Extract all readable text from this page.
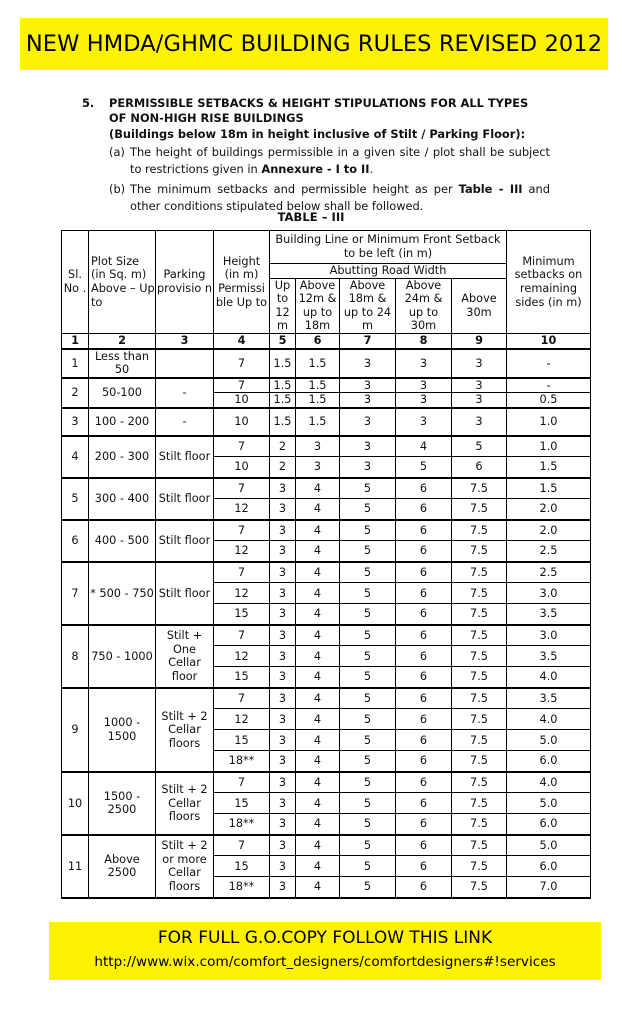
NEW HMDA/GHMC BUILDING RULES REVISED 2012
5.	PERMISSIBLE SETBACKS & HEIGHT STIPULATIONS FOR ALL TYPES
OF NON-HIGH RISE BUILDINGS
(Buildings below 18m in height inclusive of Stilt / Parking Floor):
(a) The height of buildings permissible in a given site / plot shall be subject to restrictions given in Annexure - I to II.
(b) The minimum setbacks and permissible height as per Table - III and other conditions stipulated below shall be followed.
TABLE – III
Sl. No .	Plot Size (in Sq. m) Above – Up to	Parking provisio n	Height (in m) Permissi ble Up to	Building Line or Minimum Front Setback to be left (in m)					Minimum setbacks on remaining sides (in m)
				Abutting Road Width					
				Up to 12 m	Above 12m & up to 18m	Above 18m & up to 24 m	Above 24m & up to 30m	Above 30m	
1	2	3	4	5	6	7	8	9	10
1	Less than 50		7	1.5	1.5	3	3	3	-
2	50-100	-	7	1.5	1.5	3	3	3	-
			10	1.5	1.5	3	3	3	0.5
3	100 - 200	-	10	1.5	1.5	3	3	3	1.0
4	200 - 300	Stilt floor	7	2	3	3	4	5	1.0
			10	2	3	3	5	6	1.5
5	300 - 400	Stilt floor	7	3	4	5	6	7.5	1.5
			12	3	4	5	6	7.5	2.0
6	400 - 500	Stilt floor	7	3	4	5	6	7.5	2.0
			12	3	4	5	6	7.5	2.5
7	* 500 - 750	Stilt floor	7	3	4	5	6	7.5	2.5
			12	3	4	5	6	7.5	3.0
			15	3	4	5	6	7.5	3.5
8	750 - 1000	Stilt + One Cellar floor	7	3	4	5	6	7.5	3.0
			12	3	4	5	6	7.5	3.5
			15	3	4	5	6	7.5	4.0
9	1000 - 1500	Stilt + 2 Cellar floors	7	3	4	5	6	7.5	3.5
			12	3	4	5	6	7.5	4.0
			15	3	4	5	6	7.5	5.0
			18**	3	4	5	6	7.5	6.0
10	1500 - 2500	Stilt + 2 Cellar floors	7	3	4	5	6	7.5	4.0
			15	3	4	5	6	7.5	5.0
			18**	3	4	5	6	7.5	6.0
11	Above 2500	Stilt + 2 or more Cellar floors	7	3	4	5	6	7.5	5.0
			15	3	4	5	6	7.5	6.0
			18**	3	4	5	6	7.5	7.0
FOR FULL G.O.COPY FOLLOW THIS LINK
http://www.wix.com/comfort_designers/comfortdesigners#!services
